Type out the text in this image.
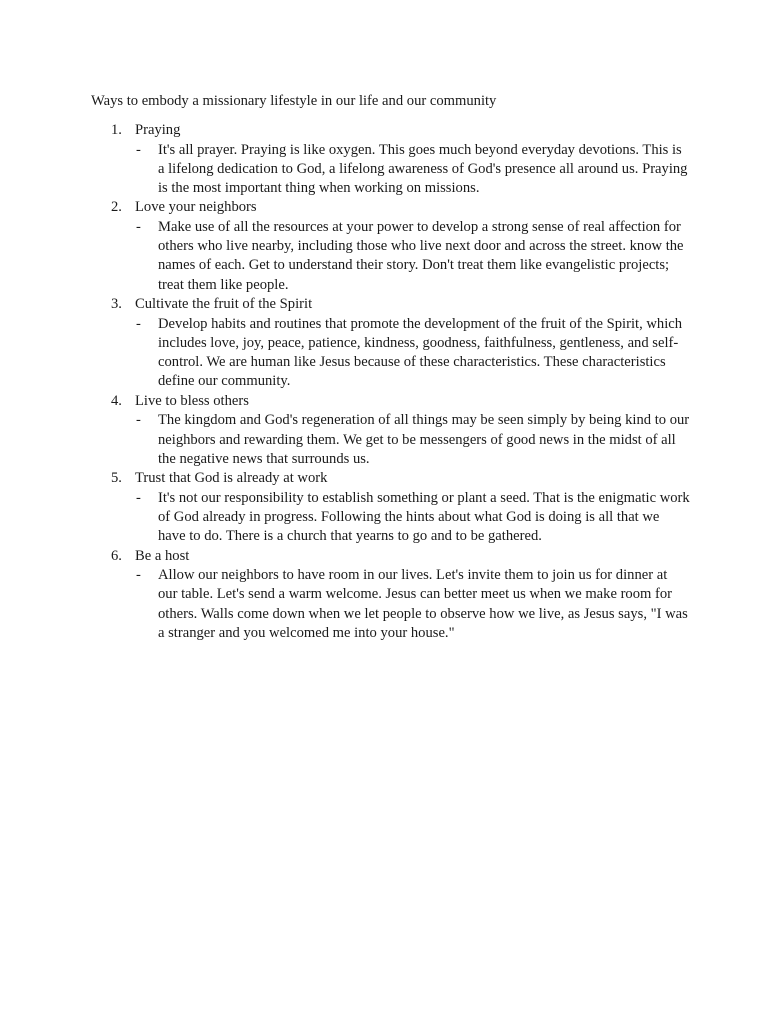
Ways to embody a missionary lifestyle in our life and our community
1. Praying
- It's all prayer. Praying is like oxygen. This goes much beyond everyday devotions. This is a lifelong dedication to God, a lifelong awareness of God's presence all around us. Praying is the most important thing when working on missions.
2. Love your neighbors
- Make use of all the resources at your power to develop a strong sense of real affection for others who live nearby, including those who live next door and across the street. know the names of each. Get to understand their story. Don't treat them like evangelistic projects; treat them like people.
3. Cultivate the fruit of the Spirit
- Develop habits and routines that promote the development of the fruit of the Spirit, which includes love, joy, peace, patience, kindness, goodness, faithfulness, gentleness, and self-control. We are human like Jesus because of these characteristics. These characteristics define our community.
4. Live to bless others
- The kingdom and God's regeneration of all things may be seen simply by being kind to our neighbors and rewarding them. We get to be messengers of good news in the midst of all the negative news that surrounds us.
5. Trust that God is already at work
- It's not our responsibility to establish something or plant a seed. That is the enigmatic work of God already in progress. Following the hints about what God is doing is all that we have to do. There is a church that yearns to go and to be gathered.
6. Be a host
- Allow our neighbors to have room in our lives. Let's invite them to join us for dinner at our table. Let's send a warm welcome. Jesus can better meet us when we make room for others. Walls come down when we let people to observe how we live, as Jesus says, "I was a stranger and you welcomed me into your house."
